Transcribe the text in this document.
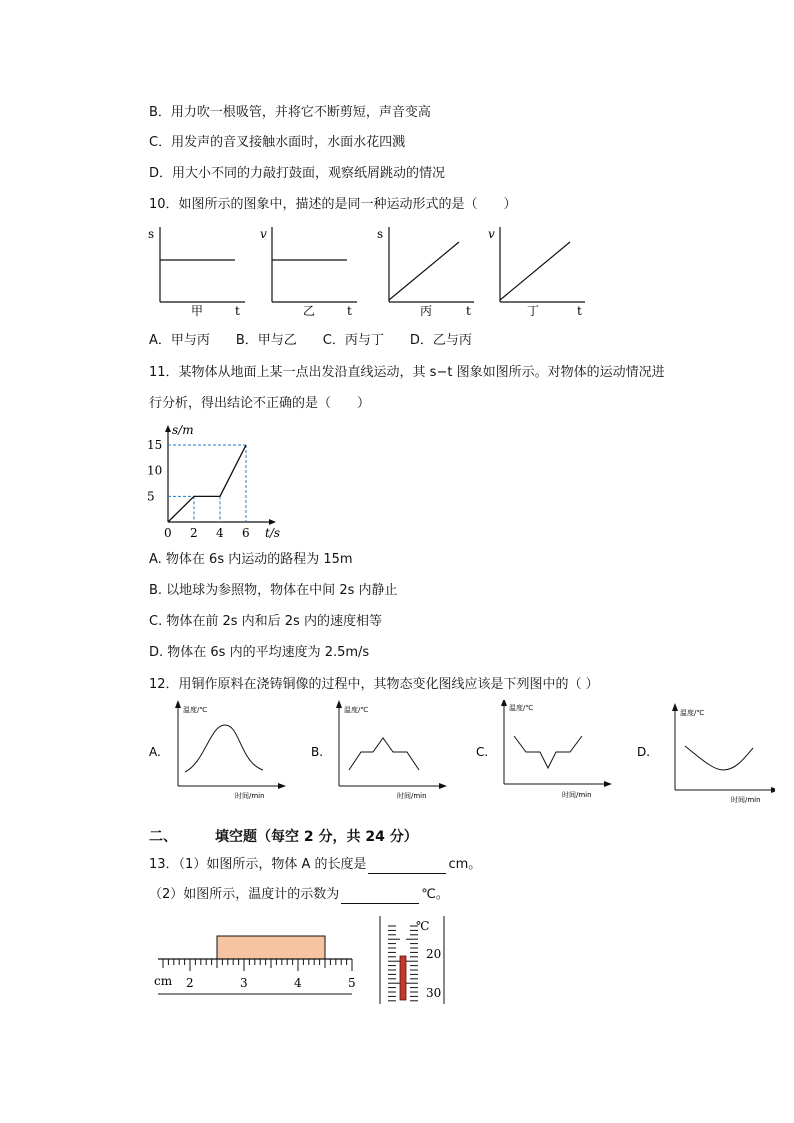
B．用力吹一根吸管，并将它不断剪短，声音变高
C．用发声的音叉接触水面时，水面水花四溅
D．用大小不同的力敲打鼓面，观察纸屑跳动的情况
10．如图所示的图象中，描述的是同一种运动形式的是（　　）
s
t
甲
v
t
乙
s
t
丙
v
t
丁
A．甲与丙　　B．甲与乙　　C．丙与丁　　D．乙与丙
11．某物体从地面上某一点出发沿直线运动，其 s−t 图象如图所示。对物体的运动情况进
行分析，得出结论不正确的是（　　）
0 2 4 6
5
10
15
s/m
t/s
A. 物体在 6s 内运动的路程为 15m
B. 以地球为参照物，物体在中间 2s 内静止
C. 物体在前 2s 内和后 2s 内的速度相等
D. 物体在 6s 内的平均速度为 2.5m/s
12．用铜作原料在浇铸铜像的过程中，其物态变化图线应该是下列图中的（ ）
A.
温度/℃
时间/min
B.
温度/℃
时间/min
C.
温度/℃
时间/min
D.
温度/℃
时间/min
二、	填空题（每空 2 分，共 24 分）
13．（1）如图所示，物体 A 的长度是	cm。
（2）如图所示，温度计的示数为	℃。
2	3	4	5
cm
℃
20
30
